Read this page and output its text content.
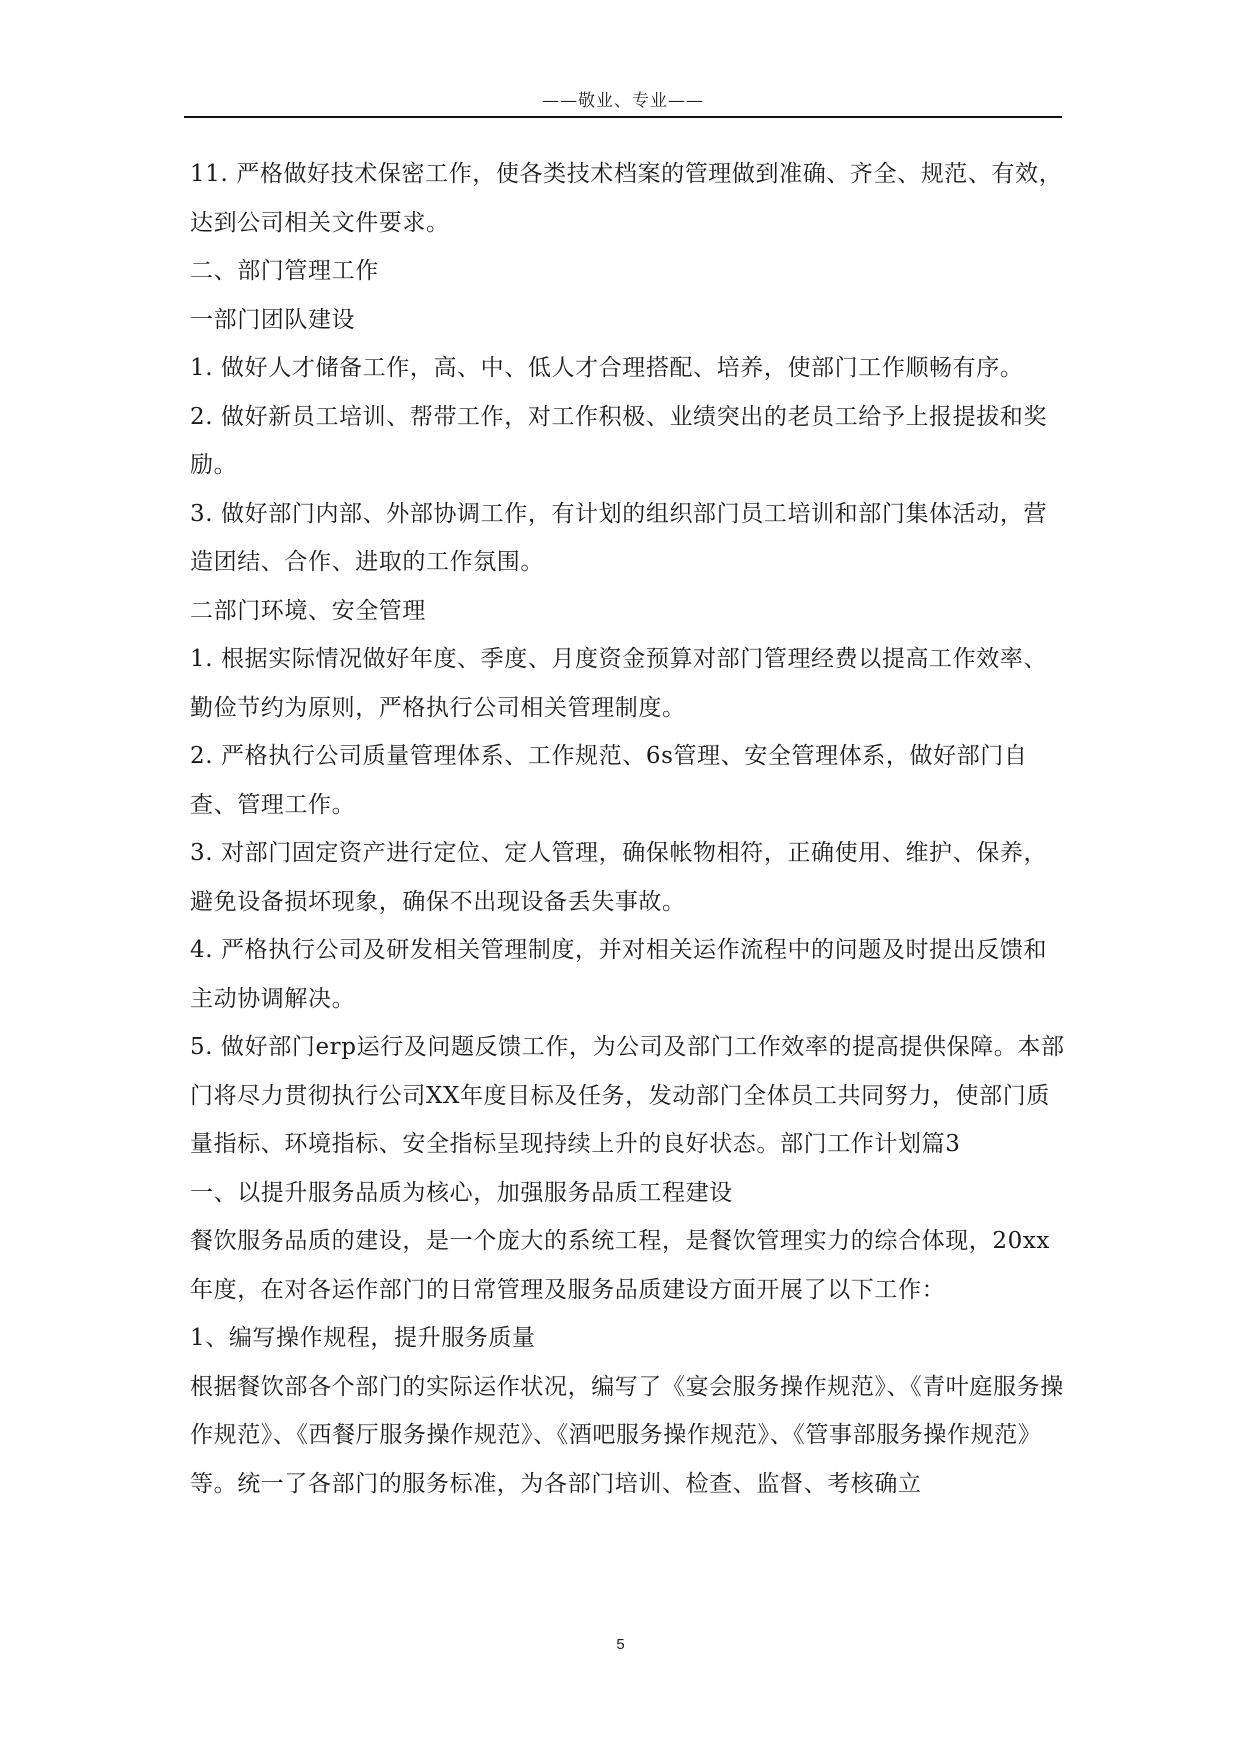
——敬业、专业——

11. 严格做好技术保密工作，使各类技术档案的管理做到准确、齐全、规范、有效，达到公司相关文件要求。

二、部门管理工作

一部门团队建设

1. 做好人才储备工作，高、中、低人才合理搭配、培养，使部门工作顺畅有序。

2. 做好新员工培训、帮带工作，对工作积极、业绩突出的老员工给予上报提拔和奖励。

3. 做好部门内部、外部协调工作，有计划的组织部门员工培训和部门集体活动，营造团结、合作、进取的工作氛围。

二部门环境、安全管理

1. 根据实际情况做好年度、季度、月度资金预算对部门管理经费以提高工作效率、勤俭节约为原则，严格执行公司相关管理制度。

2. 严格执行公司质量管理体系、工作规范、6s管理、安全管理体系，做好部门自查、管理工作。

3. 对部门固定资产进行定位、定人管理，确保帐物相符，正确使用、维护、保养，避免设备损坏现象，确保不出现设备丢失事故。

4. 严格执行公司及研发相关管理制度，并对相关运作流程中的问题及时提出反馈和主动协调解决。

5. 做好部门erp运行及问题反馈工作，为公司及部门工作效率的提高提供保障。本部门将尽力贯彻执行公司XX年度目标及任务，发动部门全体员工共同努力，使部门质量指标、环境指标、安全指标呈现持续上升的良好状态。部门工作计划篇3

一、以提升服务品质为核心，加强服务品质工程建设

餐饮服务品质的建设，是一个庞大的系统工程，是餐饮管理实力的综合体现，20xx年度，在对各运作部门的日常管理及服务品质建设方面开展了以下工作：

1、编写操作规程，提升服务质量

根据餐饮部各个部门的实际运作状况，编写了《宴会服务操作规范》、《青叶庭服务操作规范》、《西餐厅服务操作规范》、《酒吧服务操作规范》、《管事部服务操作规范》等。统一了各部门的服务标准，为各部门培训、检查、监督、考核确立

5
